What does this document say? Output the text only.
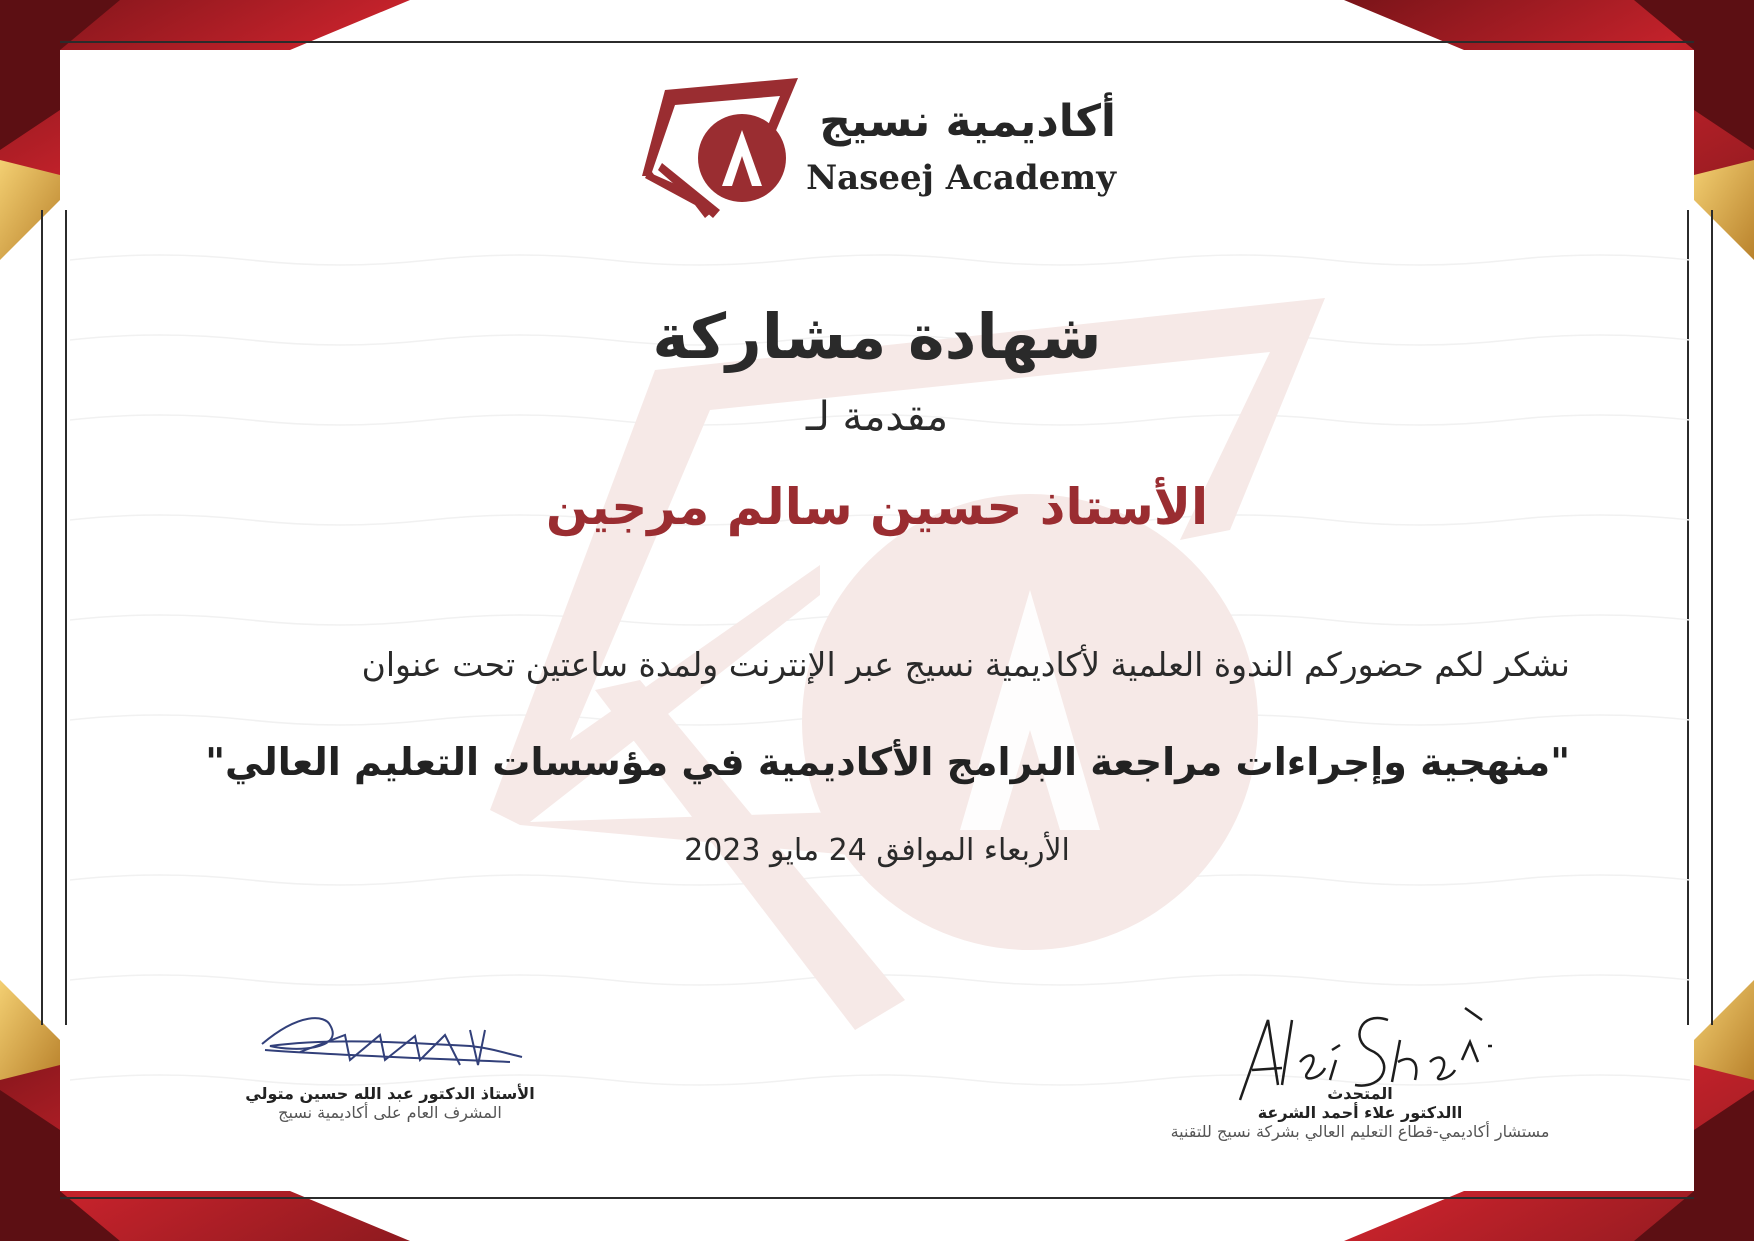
أكاديمية نسيج
Naseej Academy
شهادة مشاركة
مقدمة لـ
الأستاذ حسين سالم مرجين
نشكر لكم حضوركم الندوة العلمية لأكاديمية نسيج عبر الإنترنت ولمدة ساعتين تحت عنوان
"منهجية وإجراءات مراجعة البرامج الأكاديمية في مؤسسات التعليم العالي"
الأربعاء الموافق 24 مايو 2023
الأستاذ الدكتور عبد الله حسين متولي
المشرف العام على أكاديمية نسيج
المتحدث
االدكتور علاء أحمد الشرعة
مستشار أكاديمي-قطاع التعليم العالي بشركة نسيج للتقنية
